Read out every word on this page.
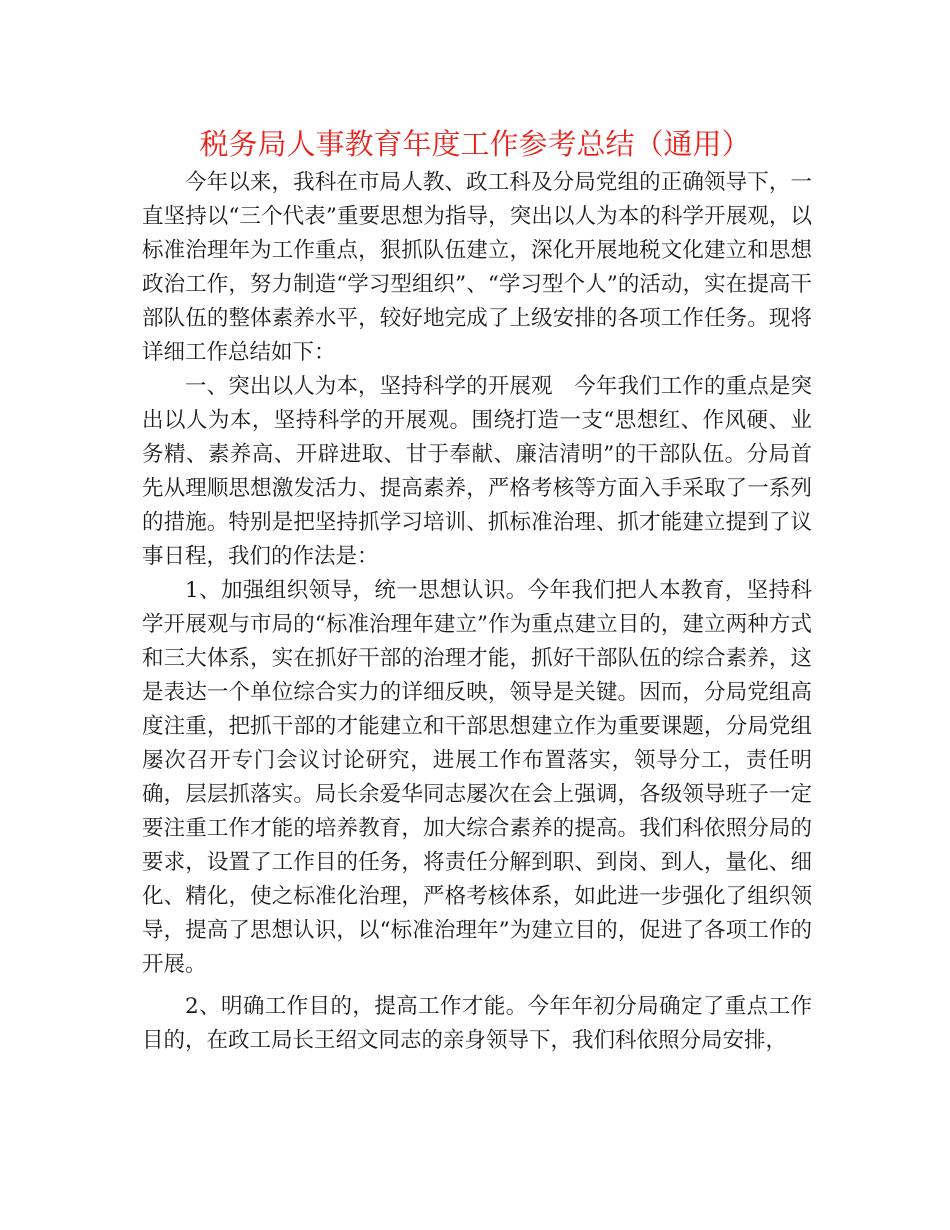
税务局人事教育年度工作参考总结（通用）

今年以来，我科在市局人教、政工科及分局党组的正确领导下，一直坚持以“三个代表”重要思想为指导，突出以人为本的科学开展观，以标准治理年为工作重点，狠抓队伍建立，深化开展地税文化建立和思想政治工作，努力制造“学习型组织”、“学习型个人”的活动，实在提高干部队伍的整体素养水平，较好地完成了上级安排的各项工作任务。现将详细工作总结如下：

一、突出以人为本，坚持科学的开展观　今年我们工作的重点是突出以人为本，坚持科学的开展观。围绕打造一支“思想红、作风硬、业务精、素养高、开辟进取、甘于奉献、廉洁清明”的干部队伍。分局首先从理顺思想激发活力、提高素养，严格考核等方面入手采取了一系列的措施。特别是把坚持抓学习培训、抓标准治理、抓才能建立提到了议事日程，我们的作法是：

1、加强组织领导，统一思想认识。今年我们把人本教育，坚持科学开展观与市局的“标准治理年建立”作为重点建立目的，建立两种方式和三大体系，实在抓好干部的治理才能，抓好干部队伍的综合素养，这是表达一个单位综合实力的详细反映，领导是关键。因而，分局党组高度注重，把抓干部的才能建立和干部思想建立作为重要课题，分局党组屡次召开专门会议讨论研究，进展工作布置落实，领导分工，责任明确，层层抓落实。局长余爱华同志屡次在会上强调，各级领导班子一定要注重工作才能的培养教育，加大综合素养的提高。我们科依照分局的要求，设置了工作目的任务，将责任分解到职、到岗、到人，量化、细化、精化，使之标准化治理，严格考核体系，如此进一步强化了组织领导，提高了思想认识，以“标准治理年”为建立目的，促进了各项工作的开展。

2、明确工作目的，提高工作才能。今年年初分局确定了重点工作目的，在政工局长王绍文同志的亲身领导下，我们科依照分局安排，
